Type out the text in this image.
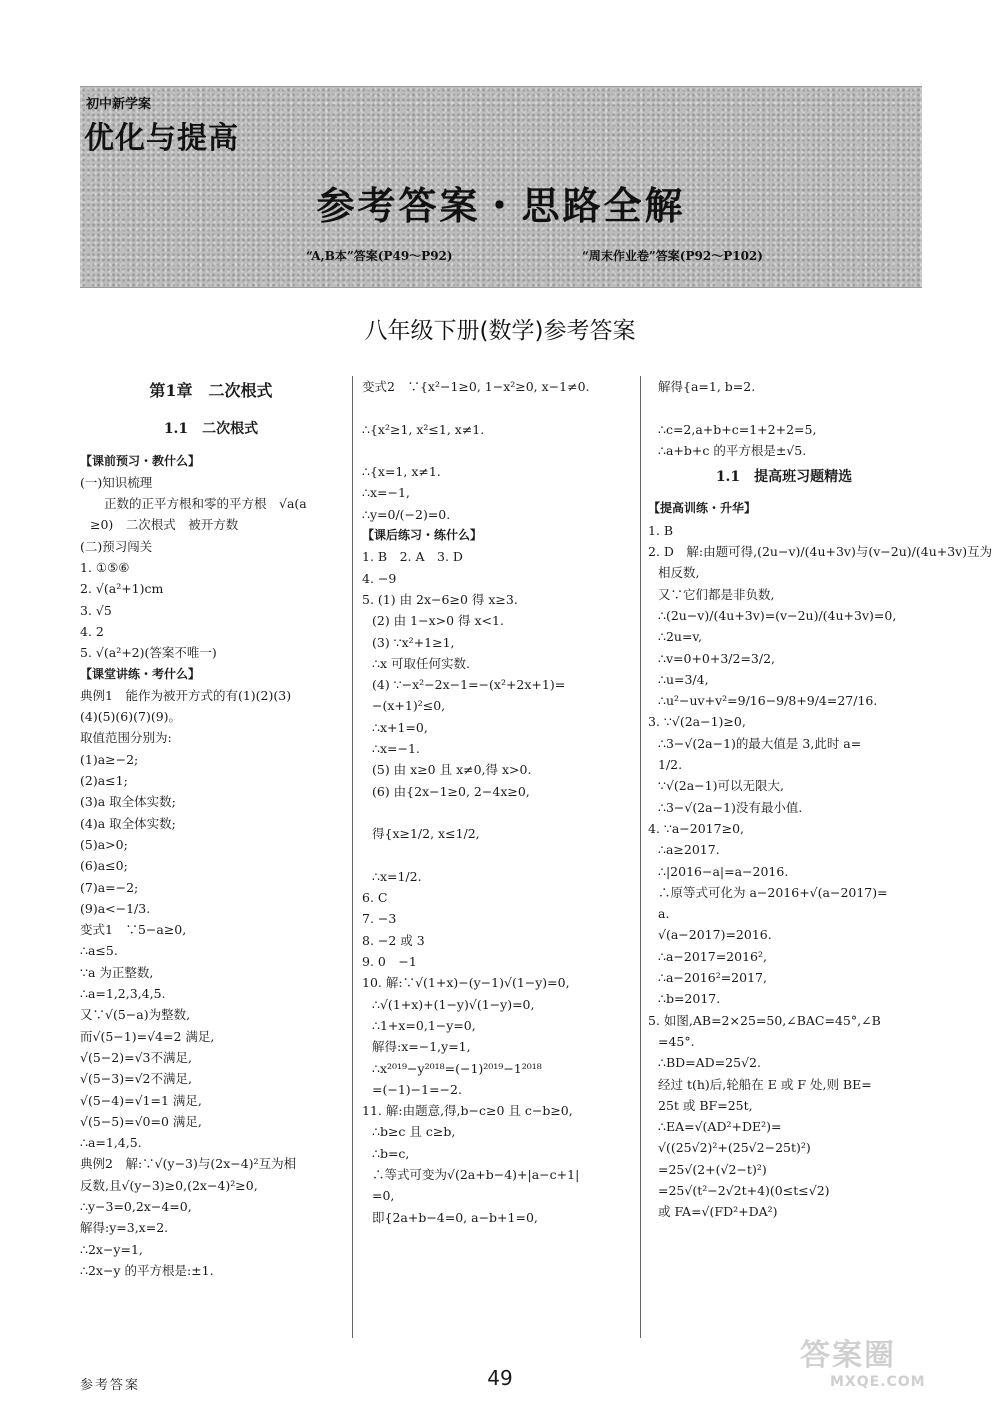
初中新学案
优化与提高
参考答案・思路全解
“A,B本”答案(P49～P92)	“周末作业卷”答案(P92～P102)
八年级下册(数学)参考答案
第1章　二次根式
1.1　二次根式
【课前预习・教什么】
(一)知识梳理
正数的正平方根和零的平方根　√a(a
≥0)　二次根式　被开方数
(二)预习闯关
1. ①⑤⑥
2. √(a²+1)cm
3. √5
4. 2
5. √(a²+2)(答案不唯一)
【课堂讲练・考什么】
典例1　能作为被开方式的有(1)(2)(3)
(4)(5)(6)(7)(9)。
取值范围分别为:
(1)a≥−2;
(2)a≤1;
(3)a 取全体实数;
(4)a 取全体实数;
(5)a>0;
(6)a≤0;
(7)a=−2;
(9)a<−1/3.
变式1　∵5−a≥0,
∴a≤5.
∵a 为正整数,
∴a=1,2,3,4,5.
又∵√(5−a)为整数,
而√(5−1)=√4=2 满足,
√(5−2)=√3不满足,
√(5−3)=√2不满足,
√(5−4)=√1=1 满足,
√(5−5)=√0=0 满足,
∴a=1,4,5.
典例2　解:∵√(y−3)与(2x−4)²互为相
反数,且√(y−3)≥0,(2x−4)²≥0,
∴y−3=0,2x−4=0,
解得:y=3,x=2.
∴2x−y=1,
∴2x−y 的平方根是:±1.
变式2　∵{x²−1≥0, 1−x²≥0, x−1≠0.

∴{x²≥1, x²≤1, x≠1.

∴{x=1, x≠1.
∴x=−1,
∴y=0/(−2)=0.
【课后练习・练什么】
1. B　2. A　3. D
4. −9
5. (1) 由 2x−6≥0 得 x≥3.
(2) 由 1−x>0 得 x<1.
(3) ∵x²+1≥1,
∴x 可取任何实数.
(4) ∵−x²−2x−1=−(x²+2x+1)=
−(x+1)²≤0,
∴x+1=0,
∴x=−1.
(5) 由 x≥0 且 x≠0,得 x>0.
(6) 由{2x−1≥0, 2−4x≥0,

得{x≥1/2, x≤1/2,

∴x=1/2.
6. C
7. −3
8. −2 或 3
9. 0　−1
10. 解:∵√(1+x)−(y−1)√(1−y)=0,
∴√(1+x)+(1−y)√(1−y)=0,
∴1+x=0,1−y=0,
解得:x=−1,y=1,
∴x²⁰¹⁹−y²⁰¹⁸=(−1)²⁰¹⁹−1²⁰¹⁸
=(−1)−1=−2.
11. 解:由题意,得,b−c≥0 且 c−b≥0,
∴b≥c 且 c≥b,
∴b=c,
∴等式可变为√(2a+b−4)+|a−c+1|
=0,
即{2a+b−4=0, a−b+1=0,
解得{a=1, b=2.

∴c=2,a+b+c=1+2+2=5,
∴a+b+c 的平方根是±√5.
1.1　提高班习题精选
【提高训练・升华】
1. B
2. D　解:由题可得,(2u−v)/(4u+3v)与(v−2u)/(4u+3v)互为
相反数,
又∵它们都是非负数,
∴(2u−v)/(4u+3v)=(v−2u)/(4u+3v)=0,
∴2u=v,
∴v=0+0+3/2=3/2,
∴u=3/4,
∴u²−uv+v²=9/16−9/8+9/4=27/16.
3. ∵√(2a−1)≥0,
∴3−√(2a−1)的最大值是 3,此时 a=
1/2.
∵√(2a−1)可以无限大,
∴3−√(2a−1)没有最小值.
4. ∵a−2017≥0,
∴a≥2017.
∴|2016−a|=a−2016.
∴原等式可化为 a−2016+√(a−2017)=
a.
√(a−2017)=2016.
∴a−2017=2016²,
∴a−2016²=2017,
∴b=2017.
5. 如图,AB=2×25=50,∠BAC=45°,∠B
=45°.
∴BD=AD=25√2.
经过 t(h)后,轮船在 E 或 F 处,则 BE=
25t 或 BF=25t,
∴EA=√(AD²+DE²)=
√((25√2)²+(25√2−25t)²)
=25√(2+(√2−t)²)
=25√(t²−2√2t+4)(0≤t≤√2)
或 FA=√(FD²+DA²)
参考答案	49
答案圈
MXQE.COM
